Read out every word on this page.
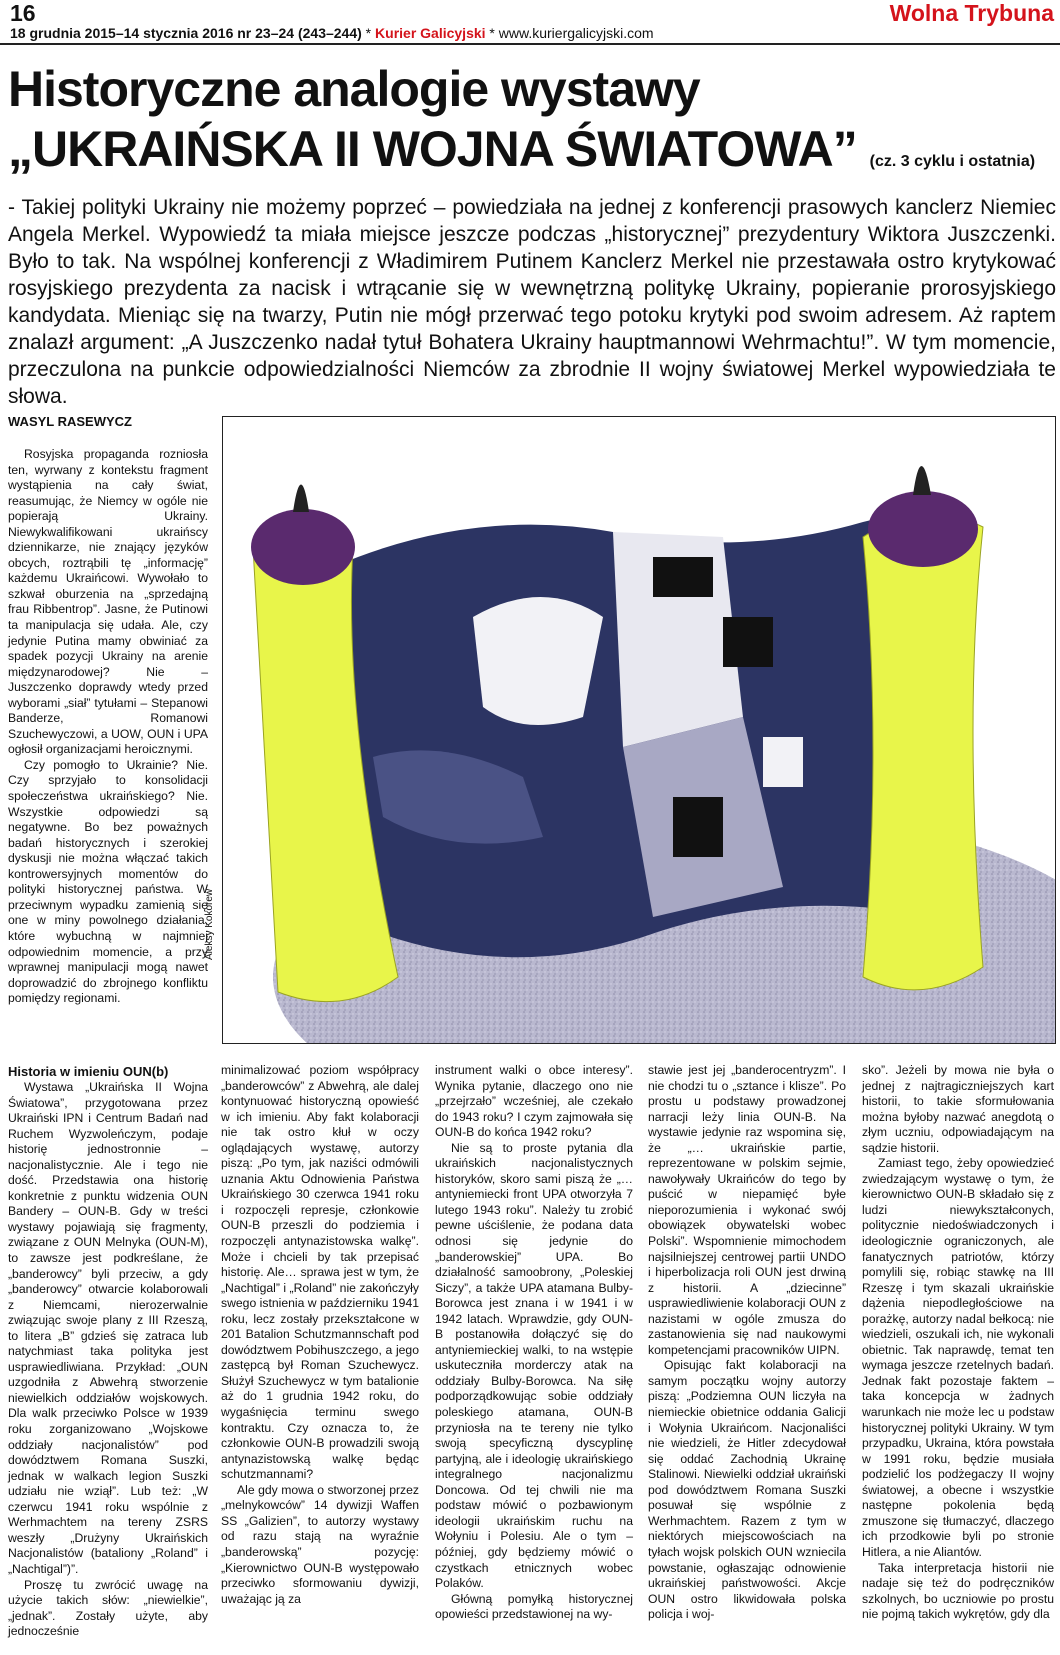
16
18 grudnia 2015–14 stycznia 2016 nr 23–24 (243–244) * Kurier Galicyjski * www.kuriergalicyjski.com
Wolna Trybuna
Historyczne analogie wystawy
„UKRAIŃSKA II WOJNA ŚWIATOWA” (cz. 3 cyklu i ostatnia)

- Takiej polityki Ukrainy nie możemy poprzeć – powiedziała na jednej z konferencji prasowych kanclerz Niemiec Angela Merkel. Wypowiedź ta miała miejsce jeszcze podczas „historycznej” prezydentury Wiktora Juszczenki. Było to tak. Na wspólnej konferencji z Władimirem Putinem Kanclerz Merkel nie przestawała ostro krytykować rosyjskiego prezydenta za nacisk i wtrącanie się w wewnętrzną politykę Ukrainy, popieranie prorosyjskiego kandydata. Mieniąc się na twarzy, Putin nie mógł przerwać tego potoku krytyki pod swoim adresem. Aż raptem znalazł argument: „A Juszczenko nadał tytuł Bohatera Ukrainy hauptmannowi Wehrmachtu!”. W tym momencie, przeczulona na punkcie odpowiedzialności Niemców za zbrodnie II wojny światowej Merkel wypowiedziała te słowa.

WASYL RASEWYCZ

Rosyjska propaganda rozniosła ten, wyrwany z kontekstu fragment wystąpienia na cały świat, reasumując, że Niemcy w ogóle nie popierają Ukrainy. Niewykwalifikowani ukraińscy dziennikarze, nie znający języków obcych, roztrąbili tę „informację” każdemu Ukraińcowi. Wywołało to szkwał oburzenia na „sprzedajną frau Ribbentrop”. Jasne, że Putinowi ta manipulacja się udała. Ale, czy jedynie Putina mamy obwiniać za spadek pozycji Ukrainy na arenie międzynarodowej? Nie – Juszczenko doprawdy wtedy przed wyborami „siał” tytułami – Stepanowi Banderze, Romanowi Szuchewyczowi, a UOW, OUN i UPA ogłosił organizacjami heroicznymi.

Czy pomogło to Ukrainie? Nie. Czy sprzyjało to konsolidacji społeczeństwa ukraińskiego? Nie. Wszystkie odpowiedzi są negatywne. Bo bez poważnych badań historycznych i szerokiej dyskusji nie można włączać takich kontrowersyjnych momentów do polityki historycznej państwa. W przeciwnym wypadku zamienią się one w miny powolnego działania, które wybuchną w najmniej odpowiednim momencie, a przy wprawnej manipulacji mogą nawet doprowadzić do zbrojnego konfliktu pomiędzy regionami.

Aleksy Kokorew

Historia w imieniu OUN(b)

Wystawa „Ukraińska II Wojna Światowa”, przygotowana przez Ukraiński IPN i Centrum Badań nad Ruchem Wyzwoleńczym, podaje historię jednostronnie – nacjonalistycznie. Ale i tego nie dość. Przedstawia ona historię konkretnie z punktu widzenia OUN Bandery – OUN-B. Gdy w treści wystawy pojawiają się fragmenty, związane z OUN Melnyka (OUN-M), to zawsze jest podkreślane, że „banderowcy” byli przeciw, a gdy „banderowcy” otwarcie kolaborowali z Niemcami, nierozerwalnie związując swoje plany z III Rzeszą, to litera „B” gdzieś się zatraca lub natychmiast taka polityka jest usprawiedliwiana. Przykład: „OUN uzgodniła z Abwehrą stworzenie niewielkich oddziałów wojskowych. Dla walk przeciwko Polsce w 1939 roku zorganizowano „Wojskowe oddziały nacjonalistów” pod dowództwem Romana Suszki, jednak w walkach legion Suszki udziału nie wziął”. Lub też: „W czerwcu 1941 roku wspólnie z Werhmachtem na tereny ZSRS weszły „Drużyny Ukraińskich Nacjonalistów (bataliony „Roland” i „Nachtigal”)”.

Proszę tu zwrócić uwagę na użycie takich słów: „niewielkie”, „jednak”. Zostały użyte, aby jednocześnie

minimalizować poziom współpracy „banderowców” z Abwehrą, ale dalej kontynuować historyczną opowieść w ich imieniu. Aby fakt kolaboracji nie tak ostro kłuł w oczy oglądających wystawę, autorzy piszą: „Po tym, jak naziści odmówili uznania Aktu Odnowienia Państwa Ukraińskiego 30 czerwca 1941 roku i rozpoczęli represje, członkowie OUN-B przeszli do podziemia i rozpoczęli antynazistowska walkę”. Może i chcieli by tak przepisać historię. Ale… sprawa jest w tym, że „Nachtigal” i „Roland” nie zakończyły swego istnienia w październiku 1941 roku, lecz zostały przekształcone w 201 Batalion Schutzmannschaft pod dowództwem Pobihuszczego, a jego zastępcą był Roman Szuchewycz. Służył Szuchewycz w tym batalionie aż do 1 grudnia 1942 roku, do wygaśnięcia terminu swego kontraktu. Czy oznacza to, że członkowie OUN-B prowadzili swoją antynazistowską walkę będąc schutzmannami?

Ale gdy mowa o stworzonej przez „melnykowców” 14 dywizji Waffen SS „Galizien”, to autorzy wystawy od razu stają na wyraźnie „banderowską” pozycję: „Kierownictwo OUN-B występowało przeciwko sformowaniu dywizji, uważając ją za

instrument walki o obce interesy”. Wynika pytanie, dlaczego ono nie „przejrzało” wcześniej, ale czekało do 1943 roku? I czym zajmowała się OUN-B do końca 1942 roku?

Nie są to proste pytania dla ukraińskich nacjonalistycznych historyków, skoro sami piszą że „…antyniemiecki front UPA otworzyła 7 lutego 1943 roku”. Należy tu zrobić pewne uściślenie, że podana data odnosi się jedynie do „banderowskiej” UPA. Bo działalność samoobrony, „Poleskiej Siczy”, a także UPA atamana Bulby-Borowca jest znana i w 1941 i w 1942 latach. Wprawdzie, gdy OUN-B postanowiła dołączyć się do antyniemieckiej walki, to na wstępie uskuteczniła morderczy atak na oddziały Bulby-Borowca. Na siłę podporządkowując sobie oddziały poleskiego atamana, OUN-B przyniosła na te tereny nie tylko swoją specyficzną dyscyplinę partyjną, ale i ideologię ukraińskiego integralnego nacjonalizmu Doncowa. Od tej chwili nie ma podstaw mówić o pozbawionym ideologii ukraińskim ruchu na Wołyniu i Polesiu. Ale o tym – później, gdy będziemy mówić o czystkach etnicznych wobec Polaków.

Główną pomyłką historycznej opowieści przedstawionej na wy-

stawie jest jej „banderocentryzm”. I nie chodzi tu o „sztance i klisze”. Po prostu u podstawy prowadzonej narracji leży linia OUN-B. Na wystawie jedynie raz wspomina się, że „… ukraińskie partie, reprezentowane w polskim sejmie, nawoływały Ukraińców do tego by puścić w niepamięć byłe nieporozumienia i wykonać swój obowiązek obywatelski wobec Polski”. Wspomnienie mimochodem najsilniejszej centrowej partii UNDO i hiperbolizacja roli OUN jest drwiną z historii. A „dziecinne” usprawiedliwienie kolaboracji OUN z nazistami w ogóle zmusza do zastanowienia się nad naukowymi kompetencjami pracowników UIPN.

Opisując fakt kolaboracji na samym początku wojny autorzy piszą: „Podziemna OUN liczyła na niemieckie obietnice oddania Galicji i Wołynia Ukraińcom. Nacjonaliści nie wiedzieli, że Hitler zdecydował się oddać Zachodnią Ukrainę Stalinowi. Niewielki oddział ukraiński pod dowództwem Romana Suszki posuwał się wspólnie z Werhmachtem. Razem z tym w niektórych miejscowościach na tyłach wojsk polskich OUN wzniecila powstanie, ogłaszając odnowienie ukraińskiej państwowości. Akcje OUN ostro likwidowała polska policja i woj-

sko”. Jeżeli by mowa nie była o jednej z najtragiczniejszych kart historii, to takie sformułowania można byłoby nazwać anegdotą o złym uczniu, odpowiadającym na sądzie historii.

Zamiast tego, żeby opowiedzieć zwiedzającym wystawę o tym, że kierownictwo OUN-B składało się z ludzi niewykształconych, politycznie niedoświadczonych i ideologicznie ograniczonych, ale fanatycznych patriotów, którzy pomylili się, robiąc stawkę na III Rzeszę i tym skazali ukraińskie dążenia niepodległościowe na porażkę, autorzy nadal bełkocą: nie wiedzieli, oszukali ich, nie wykonali obietnic. Tak naprawdę, temat ten wymaga jeszcze rzetelnych badań. Jednak fakt pozostaje faktem – taka koncepcja w żadnych warunkach nie może lec u podstaw historycznej polityki Ukrainy. W tym przypadku, Ukraina, która powstała w 1991 roku, będzie musiała podzielić los podżegaczy II wojny światowej, a obecne i wszystkie następne pokolenia będą zmuszone się tłumaczyć, dlaczego ich przodkowie byli po stronie Hitlera, a nie Aliantów.

Taka interpretacja historii nie nadaje się też do podręczników szkolnych, bo uczniowie po prostu nie pojmą takich wykrętów, gdy dla
